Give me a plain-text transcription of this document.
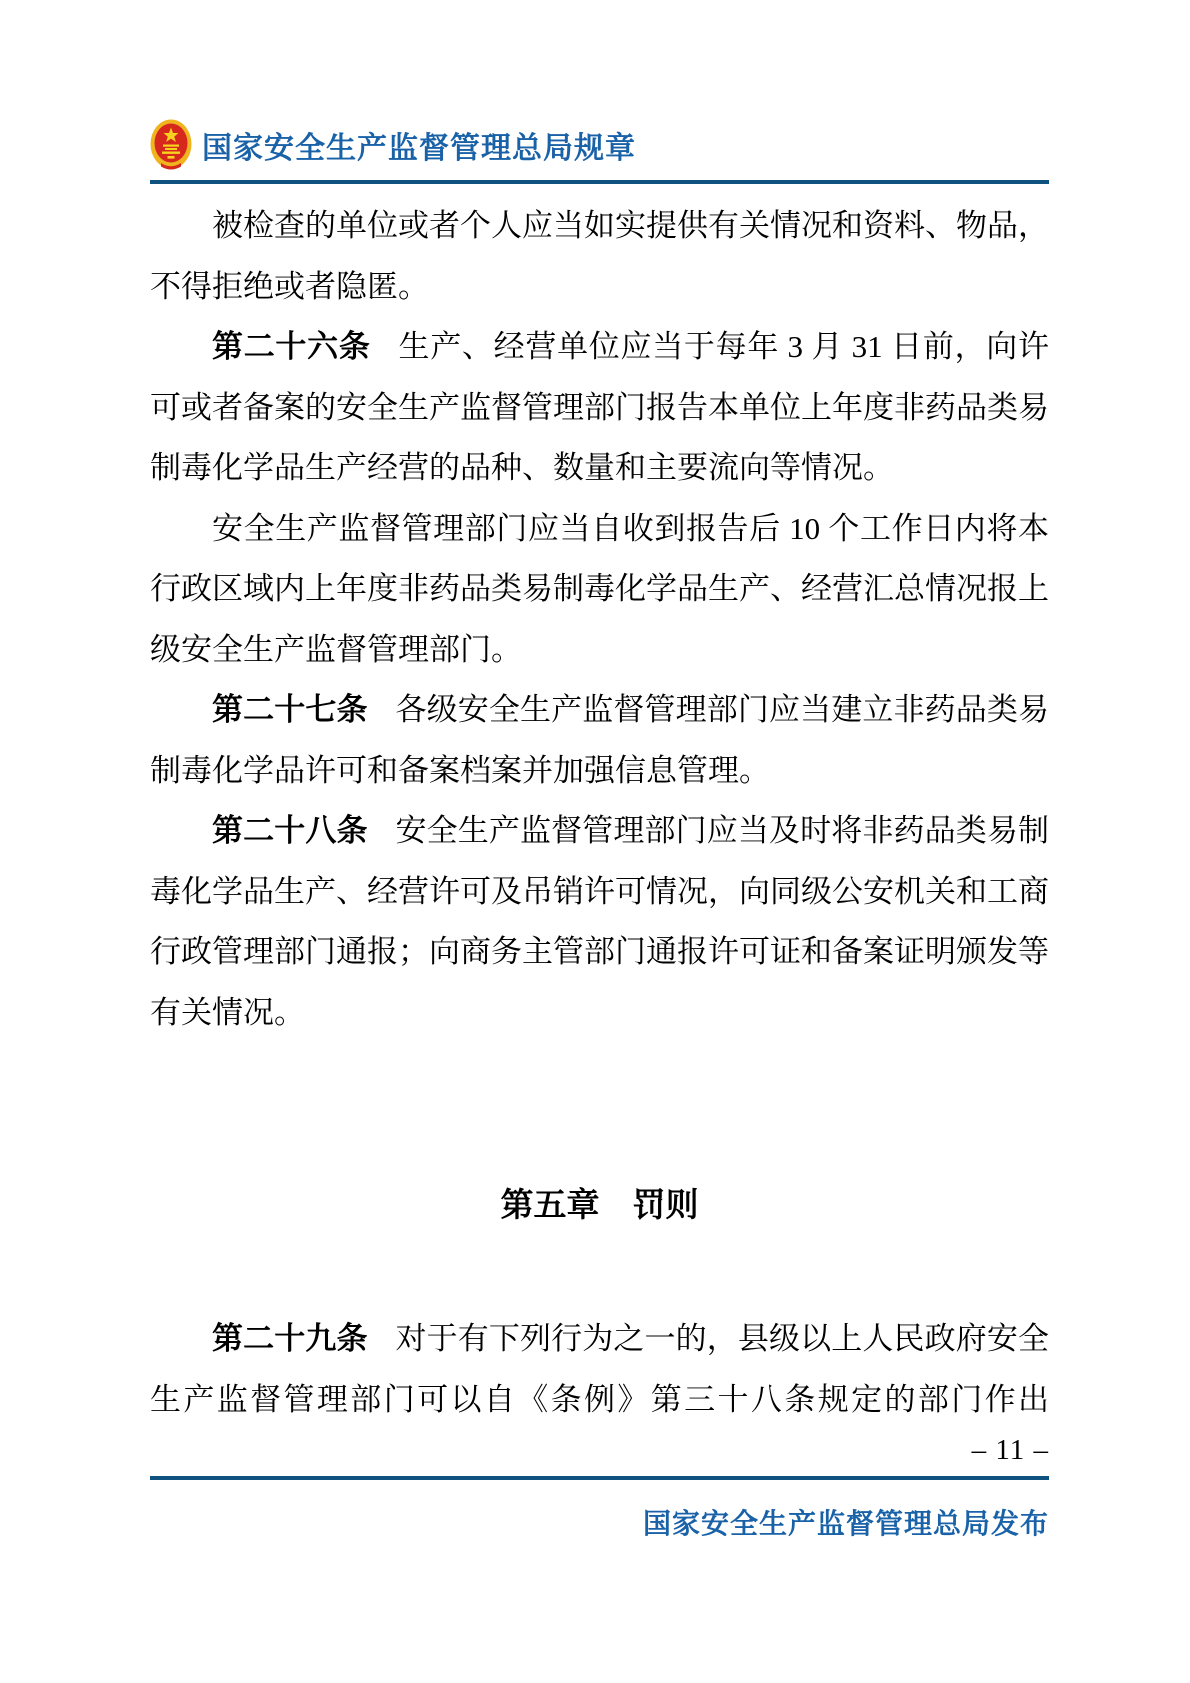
国家安全生产监督管理总局规章

被检查的单位或者个人应当如实提供有关情况和资料、物品，不得拒绝或者隐匿。

第二十六条 生产、经营单位应当于每年 3 月 31 日前，向许可或者备案的安全生产监督管理部门报告本单位上年度非药品类易制毒化学品生产经营的品种、数量和主要流向等情况。

安全生产监督管理部门应当自收到报告后 10 个工作日内将本行政区域内上年度非药品类易制毒化学品生产、经营汇总情况报上级安全生产监督管理部门。

第二十七条 各级安全生产监督管理部门应当建立非药品类易制毒化学品许可和备案档案并加强信息管理。

第二十八条 安全生产监督管理部门应当及时将非药品类易制毒化学品生产、经营许可及吊销许可情况，向同级公安机关和工商行政管理部门通报；向商务主管部门通报许可证和备案证明颁发等有关情况。

第五章　罚则

第二十九条 对于有下列行为之一的，县级以上人民政府安全生产监督管理部门可以自《条例》第三十八条规定的部门作出

– 11 –
国家安全生产监督管理总局发布
